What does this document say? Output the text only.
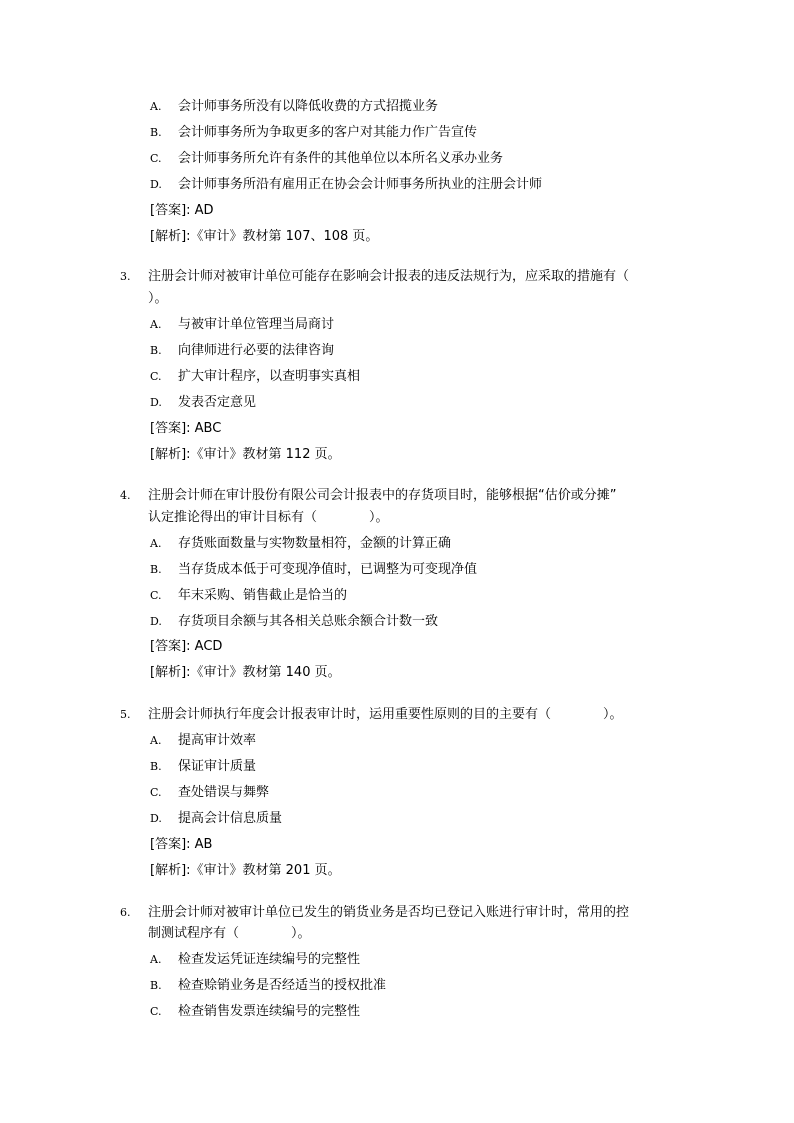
A. 会计师事务所没有以降低收费的方式招揽业务
B. 会计师事务所为争取更多的客户对其能力作广告宣传
C. 会计师事务所允许有条件的其他单位以本所名义承办业务
D. 会计师事务所沿有雇用正在协会会计师事务所执业的注册会计师
[答案]: AD
[解析]:《审计》教材第 107、108 页。
3. 注册会计师对被审计单位可能存在影响会计报表的违反法规行为，应采取的措施有（
）。
A. 与被审计单位管理当局商讨
B. 向律师进行必要的法律咨询
C. 扩大审计程序，以查明事实真相
D. 发表否定意见
[答案]: ABC
[解析]:《审计》教材第 112 页。
4. 注册会计师在审计股份有限公司会计报表中的存货项目时，能够根据“估价或分摊”
认定推论得出的审计目标有（　　　　）。
A. 存货账面数量与实物数量相符，金额的计算正确
B. 当存货成本低于可变现净值时，已调整为可变现净值
C. 年末采购、销售截止是恰当的
D. 存货项目余额与其各相关总账余额合计数一致
[答案]: ACD
[解析]:《审计》教材第 140 页。
5. 注册会计师执行年度会计报表审计时，运用重要性原则的目的主要有（　　　　）。
A. 提高审计效率
B. 保证审计质量
C. 查处错误与舞弊
D. 提高会计信息质量
[答案]: AB
[解析]:《审计》教材第 201 页。
6. 注册会计师对被审计单位已发生的销货业务是否均已登记入账进行审计时，常用的控
制测试程序有（　　　　）。
A. 检查发运凭证连续编号的完整性
B. 检查赊销业务是否经适当的授权批准
C. 检查销售发票连续编号的完整性
